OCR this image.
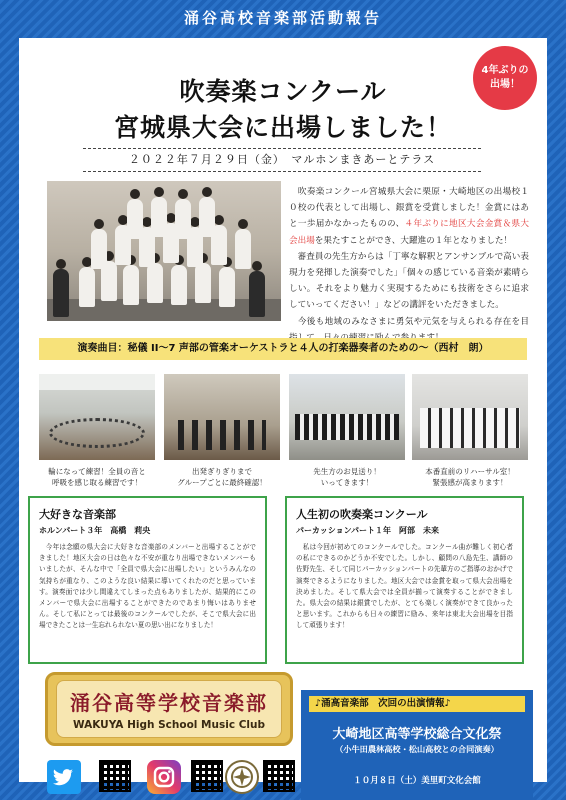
涌谷高校音楽部活動報告
4年ぶりの
出場！
吹奏楽コンクール
宮城県大会に出場しました！
２０２２年７月２９日（金）　マルホンまきあーとテラス

　吹奏楽コンクール宮城県大会に栗原・大崎地区の出場校１０校の代表として出場し、銀賞を受賞しました！金賞にはあと一歩届かなかったものの、４年ぶりに地区大会金賞＆県大会出場を果たすことができ、大躍進の１年となりました！

　審査員の先生方からは「丁寧な解釈とアンサンブルで高い表現力を発揮した演奏でした」「個々の感じている音楽が素晴らしい。それをより魅力く実現するためにも技術をさらに追求していってください！」などの講評をいただきました。

　今後も地域のみなさまに勇気や元気を与えられる存在を目

演奏曲目：秘儀 II～7 声部の管楽オーケストラと４人の打楽器奏者のための～（西村　朗）
輪になって練習！全員の音と
呼吸を感じ取る練習です！
出発ぎりぎりまで
グループごとに最終確認！
先生方のお見送り！
いってきます！
本番直前のリハーサル室！
緊張感が高まります！
大好きな音楽部
ホルンパート３年　高橋　莉央

　今年は念願の県大会に大好きな音楽部のメンバーと出場することができました！地区大会の日は色々な不安が重なり出場できないメンバーもいましたが、そんな中で「全員で県大会に出場したい」というみんなの気持ちが重なり、このような良い結果に導いてくれたのだと思っています。演奏面では少し間違えてしまった点もありましたが、結果的にこのメンバーで県大会に出場することができたのであまり悔いはありません。そして私にとっては最後のコンクールでしたが、そこで県大会に出場できたことは一生忘れられない夏の思い出になりました！

人生初の吹奏楽コンクール
パーカッションパート１年　阿部　未来

　私は今回が初めてのコンクールでした。コンクール曲が難しく初心者の私にできるのかどうか不安でした。しかし、顧問の八島先生、講師の佐野先生、そして同じパーカッションパートの先輩方のご指導のおかげで演奏できるようになりました。地区大会では金賞を取って県大会出場を決めました。そして県大会では全員が揃って演奏することができました。県大会の結果は銀賞でしたが、とても楽しく演奏ができて良かったと思います。これからも日々の練習に励み、来年は東北大会出場を目指して頑張ります！

涌谷高等学校音楽部
WAKUYA High School Music Club
♪涌高音楽部　次回の出演情報♪
大崎地区高等学校総合文化祭
（小牛田農林高校・松山高校との合同演奏）
１０月８日（土）美里町文化会館
